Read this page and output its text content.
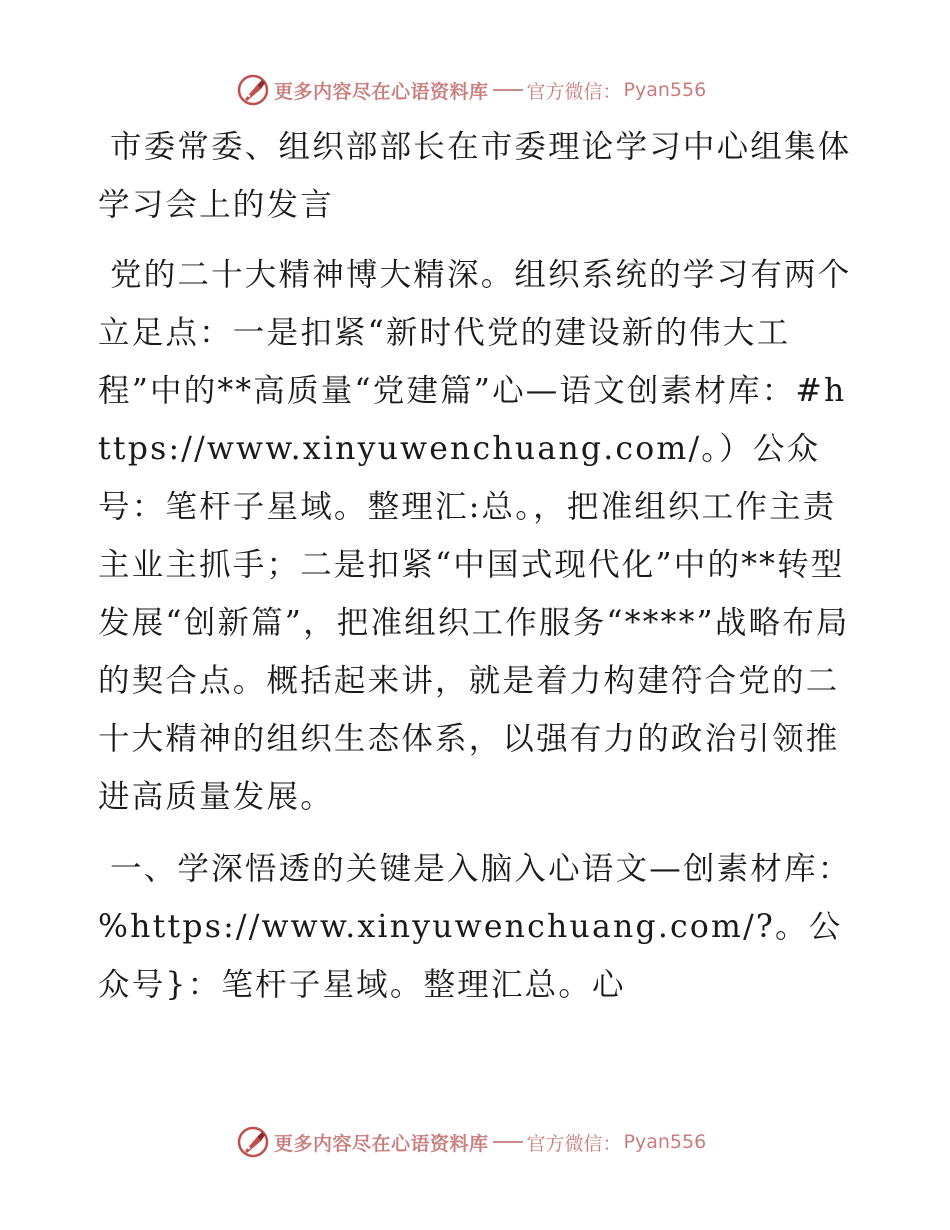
更多内容尽在心语资料库 官方微信： Pyan556

市委常委、组织部部长在市委理论学习中心组集体学习会上的发言

党的二十大精神博大精深。组织系统的学习有两个立足点：一是扣紧“新时代党的建设新的伟大工程”中的**高质量“党建篇”心—语文创素材库：#https://www.xinyuwenchuang.com/。）公众号：笔杆子星域。整理汇:总。，把准组织工作主责主业主抓手；二是扣紧“中国式现代化”中的**转型发展“创新篇”，把准组织工作服务“****”战略布局的契合点。概括起来讲，就是着力构建符合党的二十大精神的组织生态体系，以强有力的政治引领推进高质量发展。

一、学深悟透的关键是入脑入心语文—创素材库：%https://www.xinyuwenchuang.com/?。公众号}：笔杆子星域。整理汇总。心

更多内容尽在心语资料库 官方微信： Pyan556
